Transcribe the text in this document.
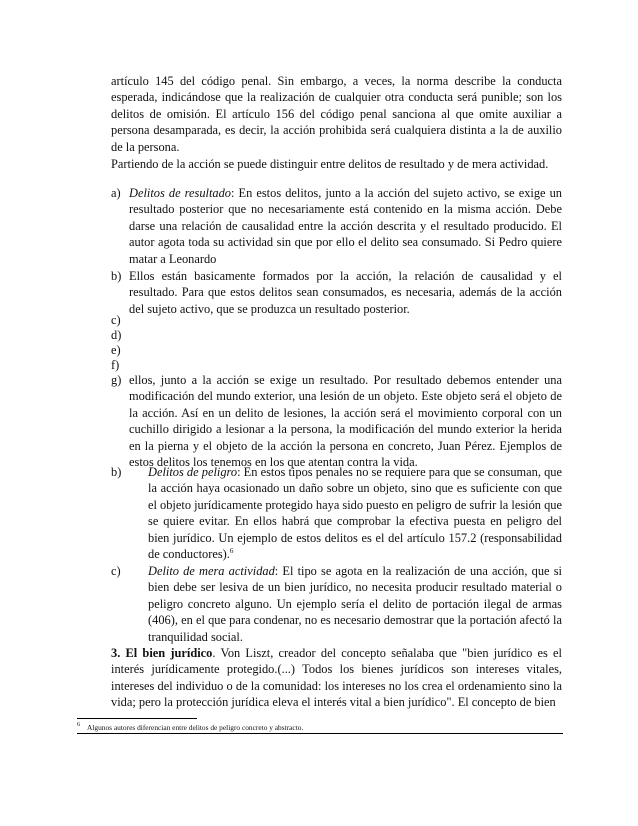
artículo 145 del código penal. Sin embargo, a veces, la norma describe la conducta esperada, indicándose que la realización de cualquier otra conducta será punible; son los delitos de omisión. El artículo 156 del código penal sanciona al que omite auxiliar a persona desamparada, es decir, la acción prohibida será cualquiera distinta a la de auxilio de la persona.

Partiendo de la acción se puede distinguir entre delitos de resultado y de mera actividad.

a) Delitos de resultado: En estos delitos, junto a la acción del sujeto activo, se exige un resultado posterior que no necesariamente está contenido en la misma acción. Debe darse una relación de causalidad entre la acción descrita y el resultado producido. El autor agota toda su actividad sin que por ello el delito sea consumado. Si Pedro quiere matar a Leonardo
b) Ellos están basicamente formados por la acción, la relación de causalidad y el resultado. Para que estos delitos sean consumados, es necesaria, además de la acción del sujeto activo, que se produzca un resultado posterior.
c)
d)
e)
f)
g) ellos, junto a la acción se exige un resultado. Por resultado debemos entender una modificación del mundo exterior, una lesión de un objeto. Este objeto será el objeto de la acción. Así en un delito de lesiones, la acción será el movimiento corporal con un cuchillo dirigido a lesionar a la persona, la modificación del mundo exterior la herida en la pierna y el objeto de la acción la persona en concreto, Juan Pérez. Ejemplos de estos delitos los tenemos en los que atentan contra la vida.
b) Delitos de peligro: En estos tipos penales no se requiere para que se consuman, que la acción haya ocasionado un daño sobre un objeto, sino que es suficiente con que el objeto jurídicamente protegido haya sido puesto en peligro de sufrir la lesión que se quiere evitar. En ellos habrá que comprobar la efectiva puesta en peligro del bien jurídico. Un ejemplo de estos delitos es el del artículo 157.2 (responsabilidad de conductores).$^6$
c) Delito de mera actividad: El tipo se agota en la realización de una acción, que si bien debe ser lesiva de un bien jurídico, no necesita producir resultado material o peligro concreto alguno. Un ejemplo sería el delito de portación ilegal de armas (406), en el que para condenar, no es necesario demostrar que la portación afectó la tranquilidad social.

3. El bien jurídico. Von Liszt, creador del concepto señalaba que "bien jurídico es el interés jurídicamente protegido.(...) Todos los bienes jurídicos son intereses vitales, intereses del individuo o de la comunidad: los intereses no los crea el ordenamiento sino la vida; pero la protección jurídica eleva el interés vital a bien jurídico". El concepto de bien

6 Algunos autores diferencian entre delitos de peligro concreto y abstracto.
